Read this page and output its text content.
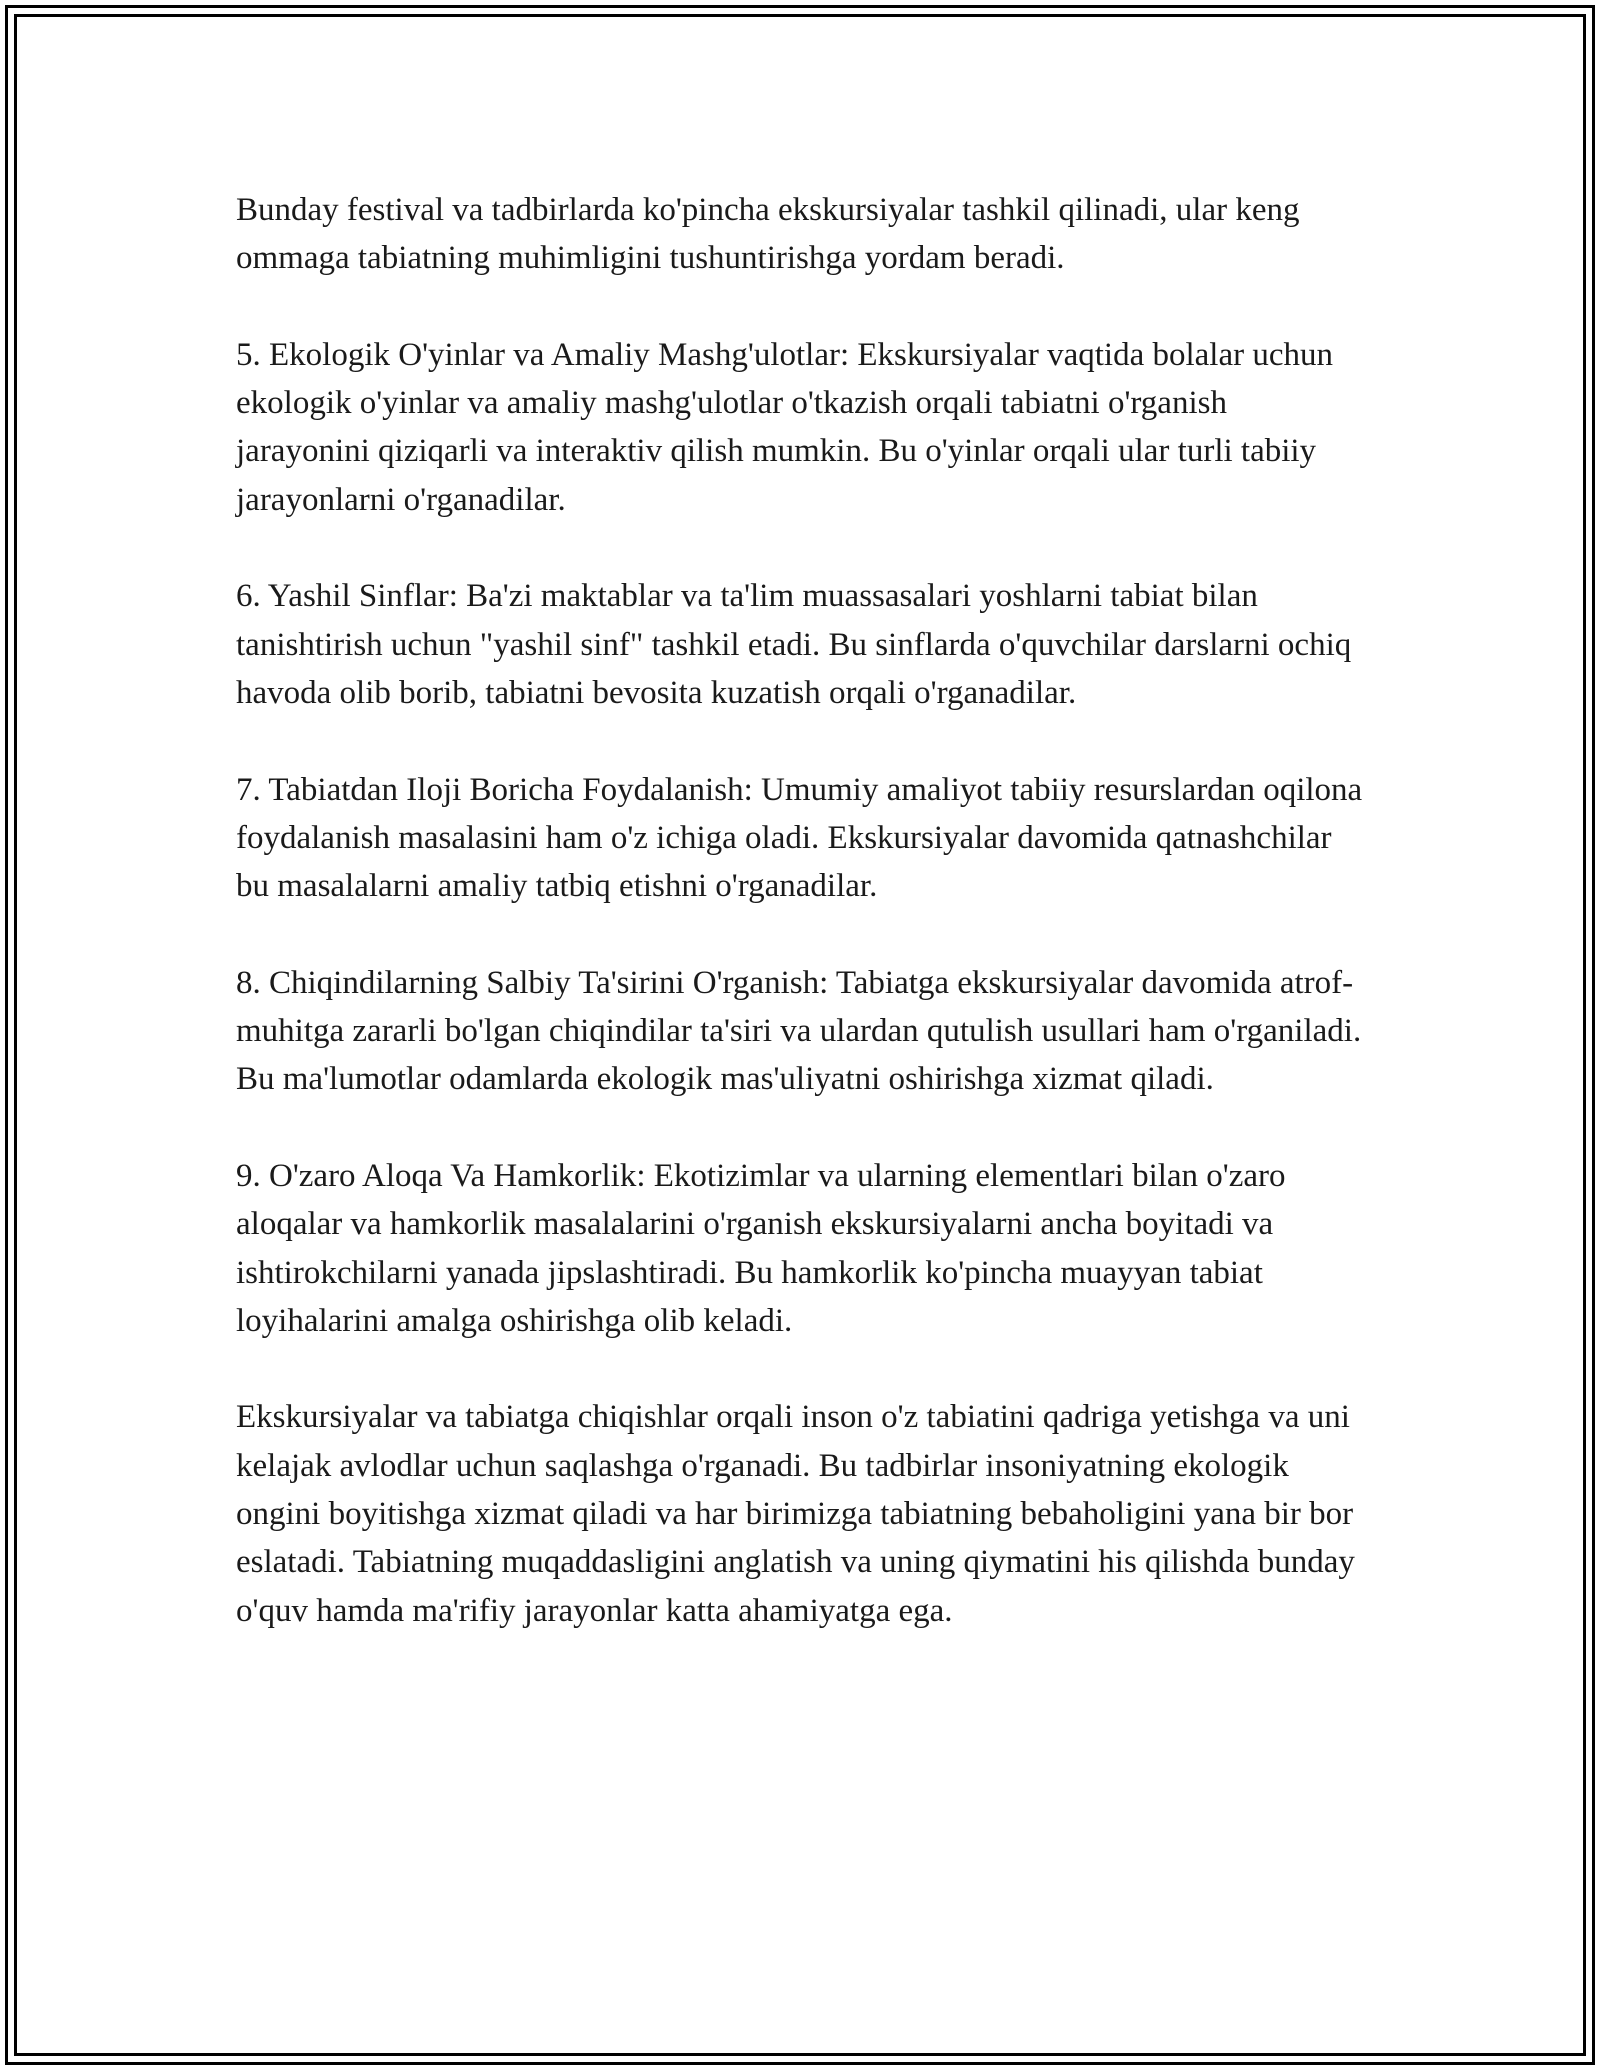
Bunday festival va tadbirlarda ko'pincha ekskursiyalar tashkil qilinadi, ular keng ommaga tabiatning muhimligini tushuntirishga yordam beradi.

5. Ekologik O'yinlar va Amaliy Mashg'ulotlar: Ekskursiyalar vaqtida bolalar uchun ekologik o'yinlar va amaliy mashg'ulotlar o'tkazish orqali tabiatni o'rganish jarayonini qiziqarli va interaktiv qilish mumkin. Bu o'yinlar orqali ular turli tabiiy jarayonlarni o'rganadilar.

6. Yashil Sinflar: Ba'zi maktablar va ta'lim muassasalari yoshlarni tabiat bilan tanishtirish uchun "yashil sinf" tashkil etadi. Bu sinflarda o'quvchilar darslarni ochiq havoda olib borib, tabiatni bevosita kuzatish orqali o'rganadilar.

7. Tabiatdan Iloji Boricha Foydalanish: Umumiy amaliyot tabiiy resurslardan oqilona foydalanish masalasini ham o'z ichiga oladi. Ekskursiyalar davomida qatnashchilar bu masalalarni amaliy tatbiq etishni o'rganadilar.

8. Chiqindilarning Salbiy Ta'sirini O'rganish: Tabiatga ekskursiyalar davomida atrof-muhitga zararli bo'lgan chiqindilar ta'siri va ulardan qutulish usullari ham o'rganiladi. Bu ma'lumotlar odamlarda ekologik mas'uliyatni oshirishga xizmat qiladi.

9. O'zaro Aloqa Va Hamkorlik: Ekotizimlar va ularning elementlari bilan o'zaro aloqalar va hamkorlik masalalarini o'rganish ekskursiyalarni ancha boyitadi va ishtirokchilarni yanada jipslashtiradi. Bu hamkorlik ko'pincha muayyan tabiat loyihalarini amalga oshirishga olib keladi.

Ekskursiyalar va tabiatga chiqishlar orqali inson o'z tabiatini qadriga yetishga va uni kelajak avlodlar uchun saqlashga o'rganadi. Bu tadbirlar insoniyatning ekologik ongini boyitishga xizmat qiladi va har birimizga tabiatning bebaholigini yana bir bor eslatadi. Tabiatning muqaddasligini anglatish va uning qiymatini his qilishda bunday o'quv hamda ma'rifiy jarayonlar katta ahamiyatga ega.
